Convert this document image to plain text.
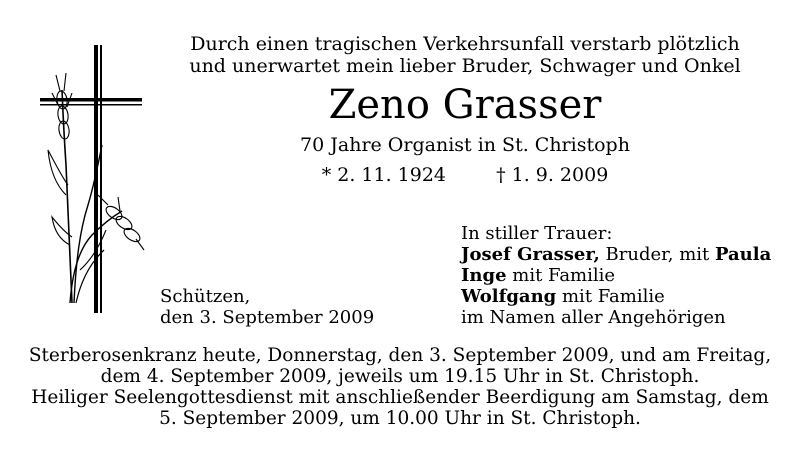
Durch einen tragischen Verkehrsunfall verstarb plötzlich
und unerwartet mein lieber Bruder, Schwager und Onkel
Zeno Grasser
70 Jahre Organist in St. Christoph
* 2. 11. 1924	† 1. 9. 2009
In stiller Trauer:
Josef Grasser, Bruder, mit Paula
Inge mit Familie
Wolfgang mit Familie
im Namen aller Angehörigen
Schützen,
den 3. September 2009
Sterberosenkranz heute, Donnerstag, den 3. September 2009, und am Freitag,
dem 4. September 2009, jeweils um 19.15 Uhr in St. Christoph.
Heiliger Seelengottesdienst mit anschließender Beerdigung am Samstag, dem
5. September 2009, um 10.00 Uhr in St. Christoph.
